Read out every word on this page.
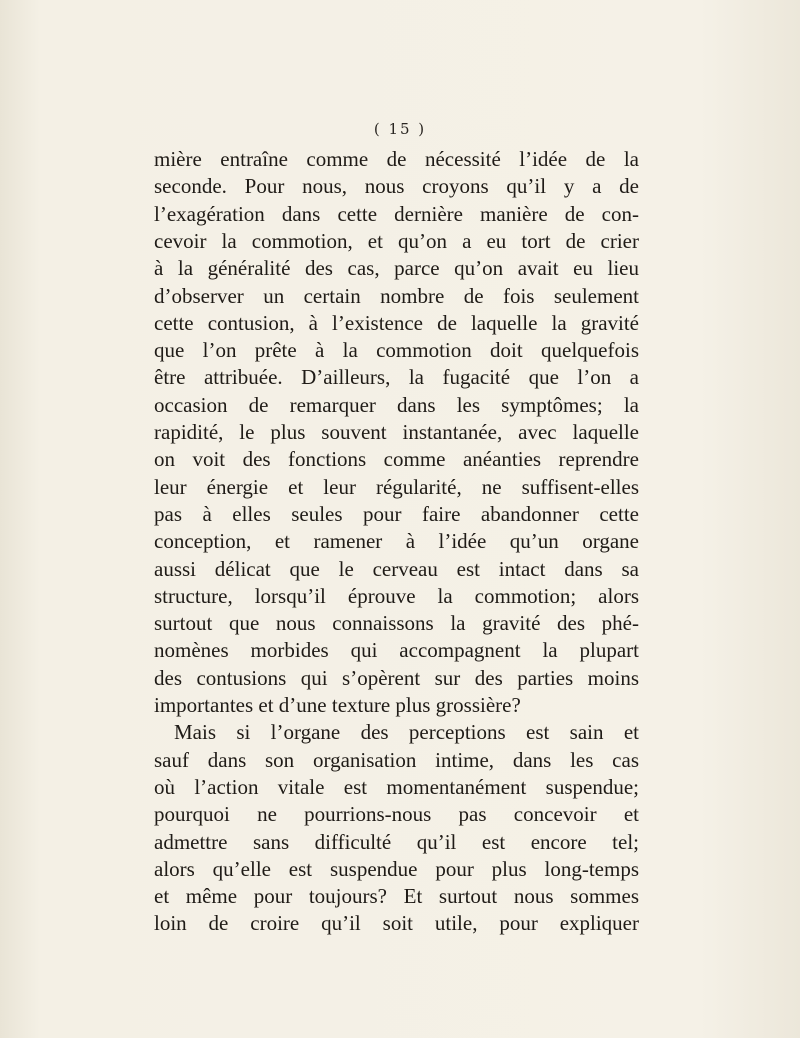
( 15 )
mière entraîne comme de nécessité l’idée de la
seconde. Pour nous, nous croyons qu’il y a de
l’exagération dans cette dernière manière de con-
cevoir la commotion, et qu’on a eu tort de crier
à la généralité des cas, parce qu’on avait eu lieu
d’observer un certain nombre de fois seulement
cette contusion, à l’existence de laquelle la gravité
que l’on prête à la commotion doit quelquefois
être attribuée. D’ailleurs, la fugacité que l’on a
occasion de remarquer dans les symptômes; la
rapidité, le plus souvent instantanée, avec laquelle
on voit des fonctions comme anéanties reprendre
leur énergie et leur régularité, ne suffisent-elles
pas à elles seules pour faire abandonner cette
conception, et ramener à l’idée qu’un organe
aussi délicat que le cerveau est intact dans sa
structure, lorsqu’il éprouve la commotion; alors
surtout que nous connaissons la gravité des phé-
nomènes morbides qui accompagnent la plupart
des contusions qui s’opèrent sur des parties moins
importantes et d’une texture plus grossière?
Mais si l’organe des perceptions est sain et
sauf dans son organisation intime, dans les cas
où l’action vitale est momentanément suspendue;
pourquoi ne pourrions-nous pas concevoir et
admettre sans difficulté qu’il est encore tel;
alors qu’elle est suspendue pour plus long-temps
et même pour toujours? Et surtout nous sommes
loin de croire qu’il soit utile, pour expliquer
